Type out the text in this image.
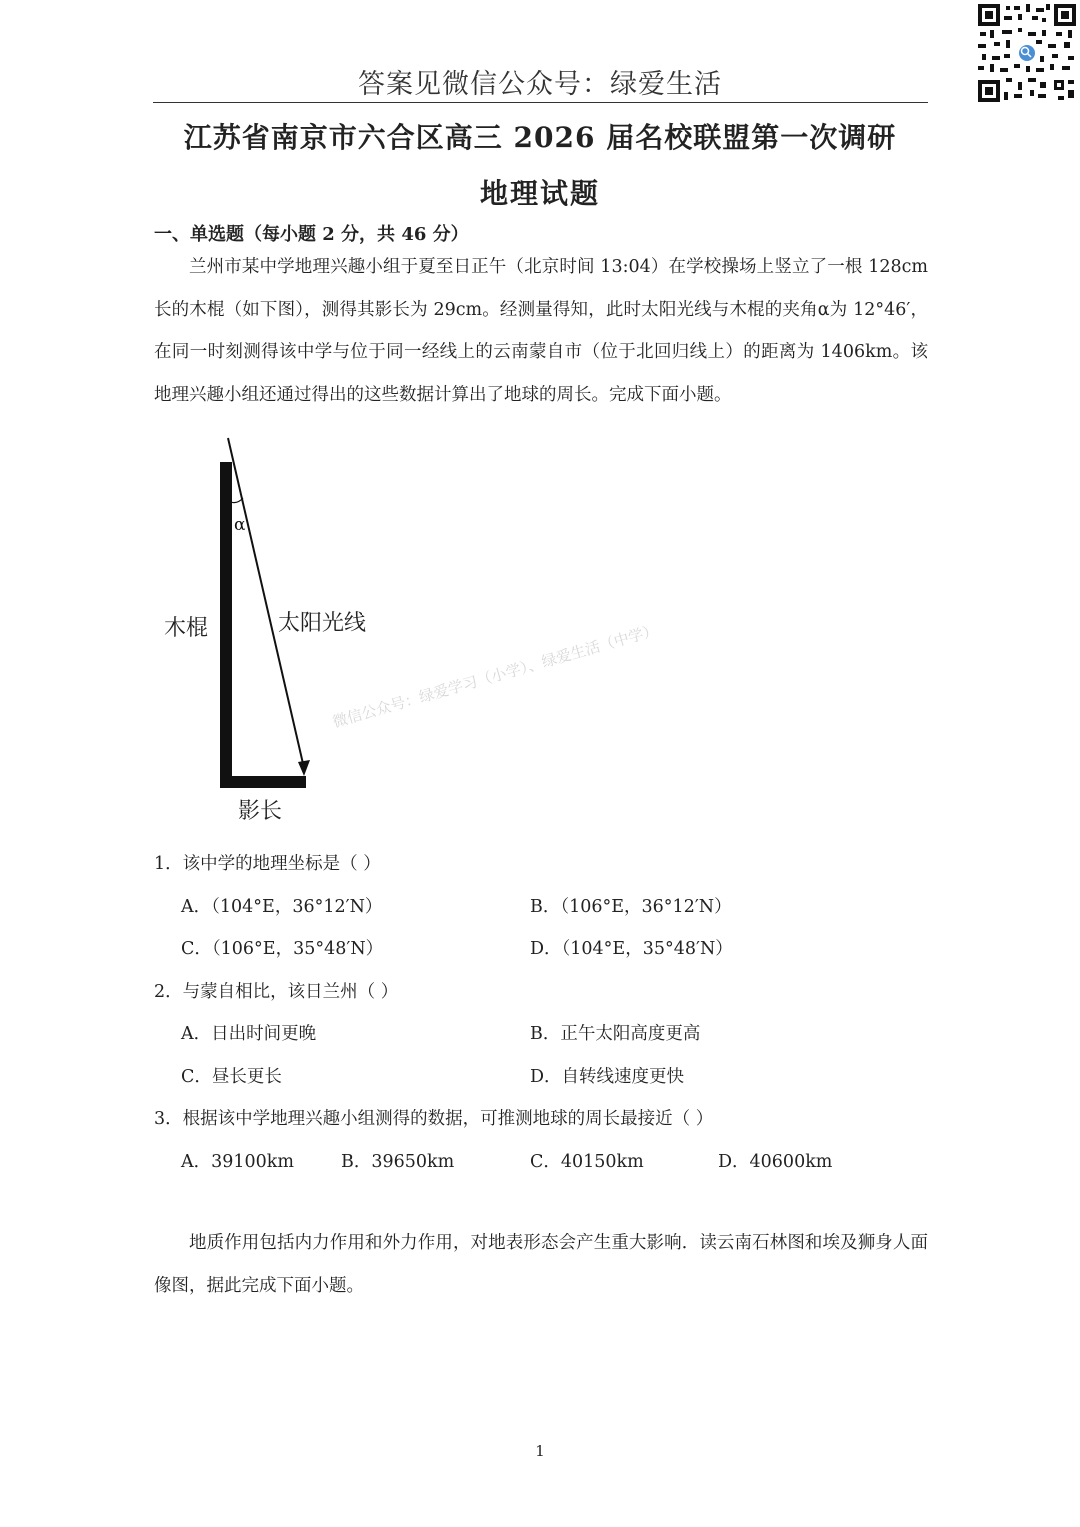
答案见微信公众号：绿爱生活
江苏省南京市六合区高三 2026 届名校联盟第一次调研
地理试题
一、单选题（每小题 2 分，共 46 分）

兰州市某中学地理兴趣小组于夏至日正午（北京时间 13:04）在学校操场上竖立了一根 128cm 长的木棍（如下图），测得其影长为 29cm。经测量得知，此时太阳光线与木棍的夹角α为 12°46′，在同一时刻测得该中学与位于同一经线上的云南蒙自市（位于北回归线上）的距离为 1406km。该地理兴趣小组还通过得出的这些数据计算出了地球的周长。完成下面小题。

α
木棍	太阳光线
影长
微信公众号：绿爱学习（小学）、绿爱生活（中学）
1．该中学的地理坐标是（ ）
A．（104°E，36°12′N）	B．（106°E，36°12′N）
C．（106°E，35°48′N）	D．（104°E，35°48′N）
2．与蒙自相比，该日兰州（ ）
A．日出时间更晚	B．正午太阳高度更高
C．昼长更长	D．自转线速度更快
3．根据该中学地理兴趣小组测得的数据，可推测地球的周长最接近（ ）
A．39100km	B．39650km	C．40150km	D．40600km

地质作用包括内力作用和外力作用，对地表形态会产生重大影响．读云南石林图和埃及狮身人面像图，据此完成下面小题。

1
